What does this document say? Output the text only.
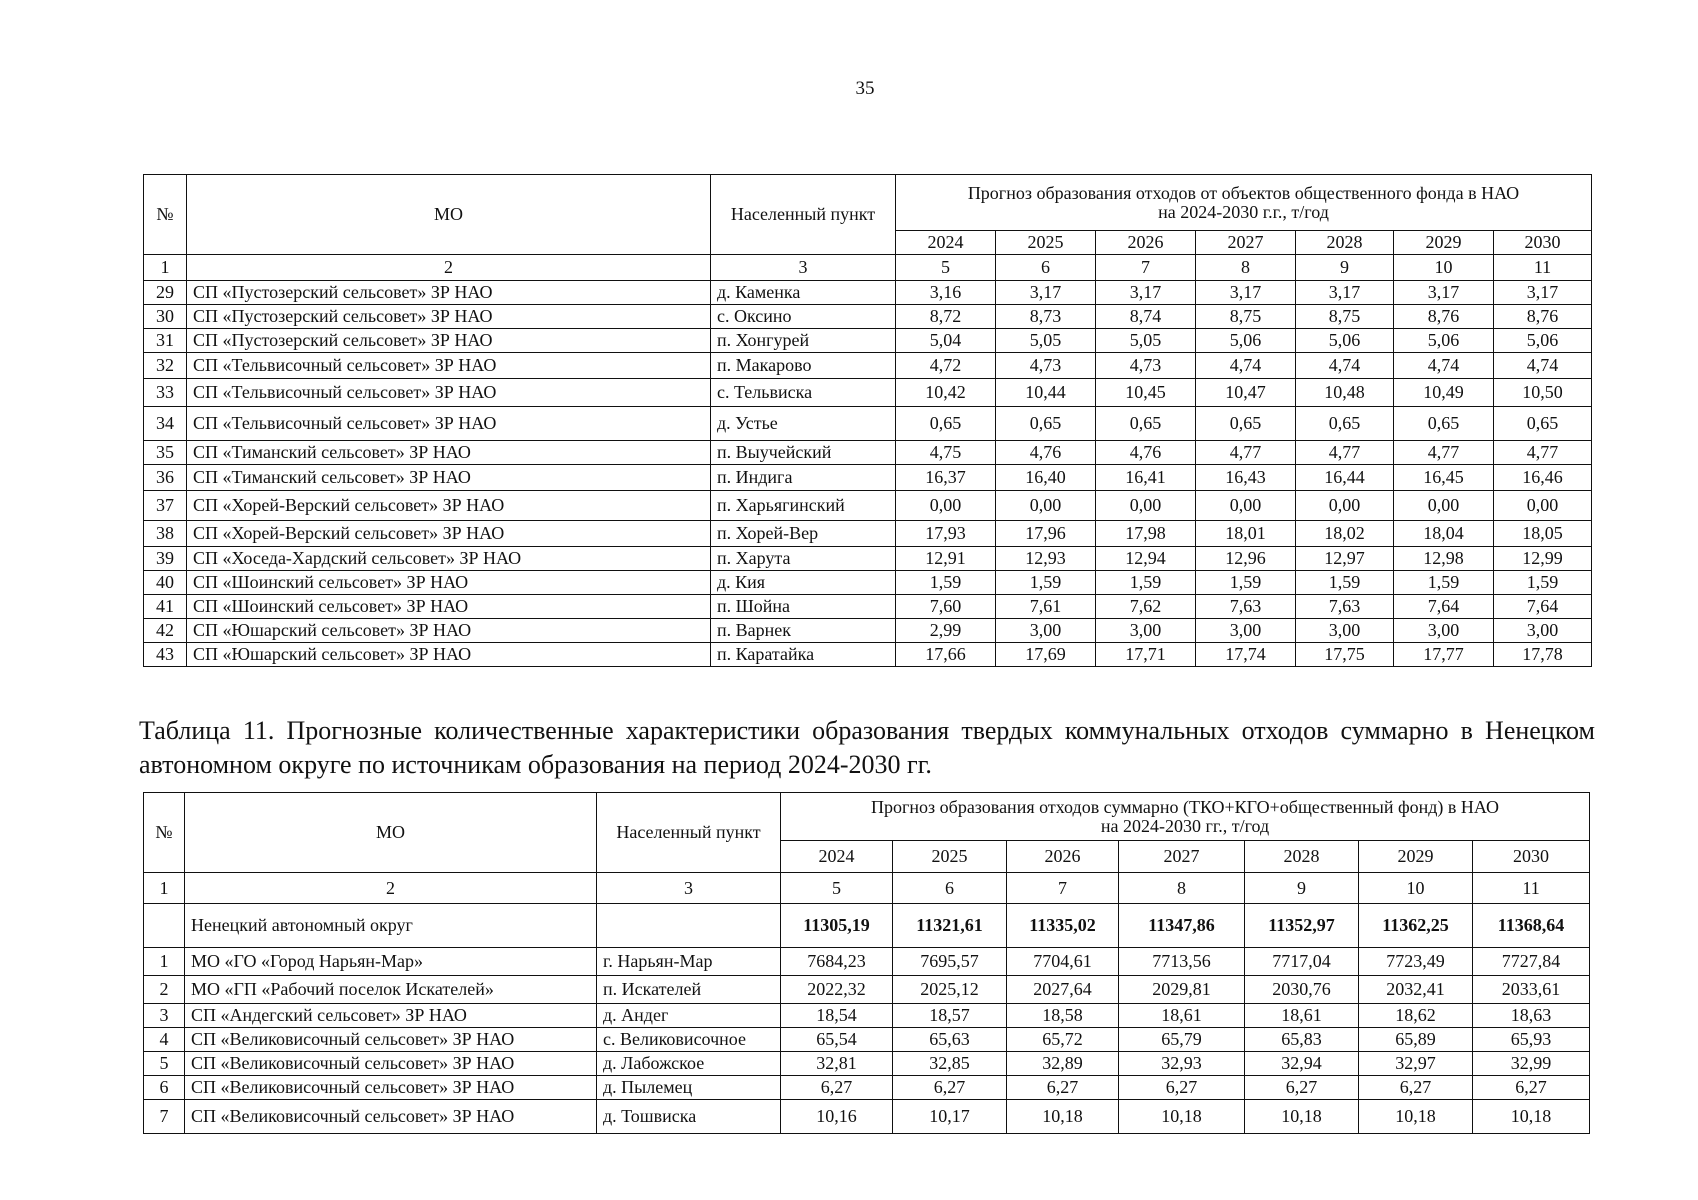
35
№	МО	Населенный пункт	Прогноз образования отходов от объектов общественного фонда в НАО
на 2024-2030 г.г., т/год						

			2024	2025	2026	2027	2028	2029	2030
1	2	3	5	6	7	8	9	10	11
29	СП «Пустозерский сельсовет» ЗР НАО	д. Каменка	3,16	3,17	3,17	3,17	3,17	3,17	3,17
30	СП «Пустозерский сельсовет» ЗР НАО	с. Оксино	8,72	8,73	8,74	8,75	8,75	8,76	8,76
31	СП «Пустозерский сельсовет» ЗР НАО	п. Хонгурей	5,04	5,05	5,05	5,06	5,06	5,06	5,06
32	СП «Тельвисочный сельсовет» ЗР НАО	п. Макарово	4,72	4,73	4,73	4,74	4,74	4,74	4,74
33	СП «Тельвисочный сельсовет» ЗР НАО	с. Тельвиска	10,42	10,44	10,45	10,47	10,48	10,49	10,50
34	СП «Тельвисочный сельсовет» ЗР НАО	д. Устье	0,65	0,65	0,65	0,65	0,65	0,65	0,65
35	СП «Тиманский сельсовет» ЗР НАО	п. Выучейский	4,75	4,76	4,76	4,77	4,77	4,77	4,77
36	СП «Тиманский сельсовет» ЗР НАО	п. Индига	16,37	16,40	16,41	16,43	16,44	16,45	16,46
37	СП «Хорей-Верский сельсовет» ЗР НАО	п. Харьягинский	0,00	0,00	0,00	0,00	0,00	0,00	0,00
38	СП «Хорей-Верский сельсовет» ЗР НАО	п. Хорей-Вер	17,93	17,96	17,98	18,01	18,02	18,04	18,05
39	СП «Хоседа-Хардский сельсовет» ЗР НАО	п. Харута	12,91	12,93	12,94	12,96	12,97	12,98	12,99
40	СП «Шоинский сельсовет» ЗР НАО	д. Кия	1,59	1,59	1,59	1,59	1,59	1,59	1,59
41	СП «Шоинский сельсовет» ЗР НАО	п. Шойна	7,60	7,61	7,62	7,63	7,63	7,64	7,64
42	СП «Юшарский сельсовет» ЗР НАО	п. Варнек	2,99	3,00	3,00	3,00	3,00	3,00	3,00
43	СП «Юшарский сельсовет» ЗР НАО	п. Каратайка	17,66	17,69	17,71	17,74	17,75	17,77	17,78
Таблица 11. Прогнозные количественные характеристики образования твердых коммунальных отходов суммарно в Ненецком автономном округе по источникам образования на период 2024-2030 гг.
№	МО	Населенный пункт	Прогноз образования отходов суммарно (ТКО+КГО+общественный фонд) в НАО
на 2024-2030 гг., т/год						

			2024	2025	2026	2027	2028	2029	2030
1	2	3	5	6	7	8	9	10	11
	Ненецкий автономный округ		11305,19	11321,61	11335,02	11347,86	11352,97	11362,25	11368,64
1	МО «ГО «Город Нарьян-Мар»	г. Нарьян-Мар	7684,23	7695,57	7704,61	7713,56	7717,04	7723,49	7727,84
2	МО «ГП «Рабочий поселок Искателей»	п. Искателей	2022,32	2025,12	2027,64	2029,81	2030,76	2032,41	2033,61
3	СП «Андегский сельсовет» ЗР НАО	д. Андег	18,54	18,57	18,58	18,61	18,61	18,62	18,63
4	СП «Великовисочный сельсовет» ЗР НАО	с. Великовисочное	65,54	65,63	65,72	65,79	65,83	65,89	65,93
5	СП «Великовисочный сельсовет» ЗР НАО	д. Лабожское	32,81	32,85	32,89	32,93	32,94	32,97	32,99
6	СП «Великовисочный сельсовет» ЗР НАО	д. Пылемец	6,27	6,27	6,27	6,27	6,27	6,27	6,27
7	СП «Великовисочный сельсовет» ЗР НАО	д. Тошвиска	10,16	10,17	10,18	10,18	10,18	10,18	10,18
